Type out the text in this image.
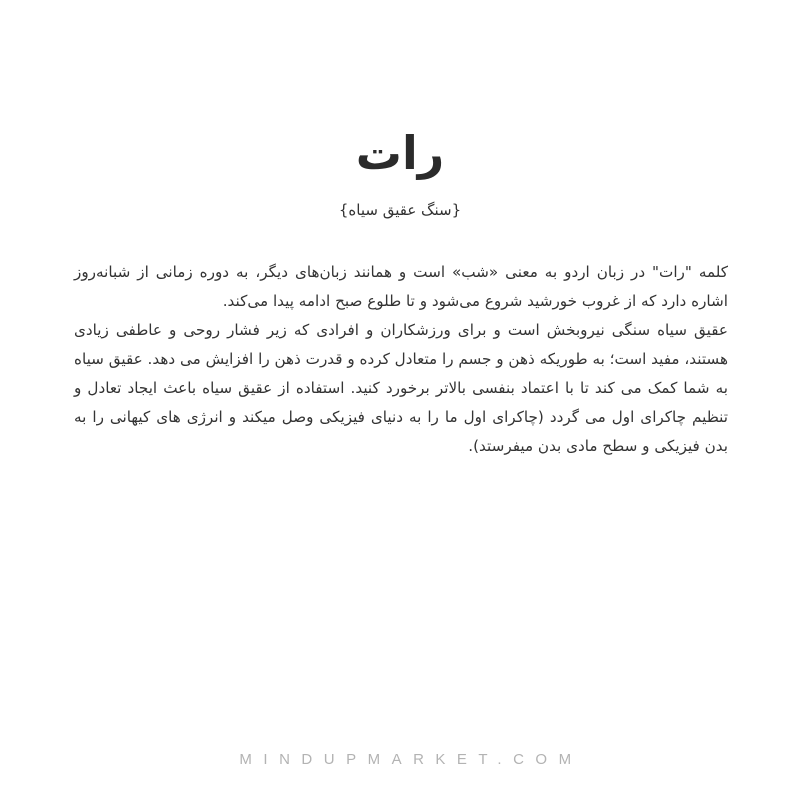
رات
{سنگ عقیق سیاه}

کلمه "رات" در زبان اردو به معنی «شب» است و همانند زبان‌های دیگر، به دوره زمانی از شبانه‌روز اشاره دارد که از غروب خورشید شروع می‌شود و تا طلوع صبح ادامه پیدا می‌کند.

عقیق سیاه سنگی نیروبخش است و برای ورزشکاران و افرادی که زیر فشار روحی و عاطفی زیادی هستند، مفید است؛ به طوریکه ذهن و جسم را متعادل کرده و قدرت ذهن را افزایش می دهد. عقیق سیاه به شما کمک می کند تا با اعتماد بنفسی بالاتر برخورد کنید. استفاده از عقیق سیاه باعث ایجاد تعادل و تنظیم چاکرای اول می گردد (چاکرای اول ما را به دنیای فیزیکی وصل میکند و انرژی های کیهانی را به بدن فیزیکی و سطح مادی بدن میفرستد).

MINDUPMARKET.COM
